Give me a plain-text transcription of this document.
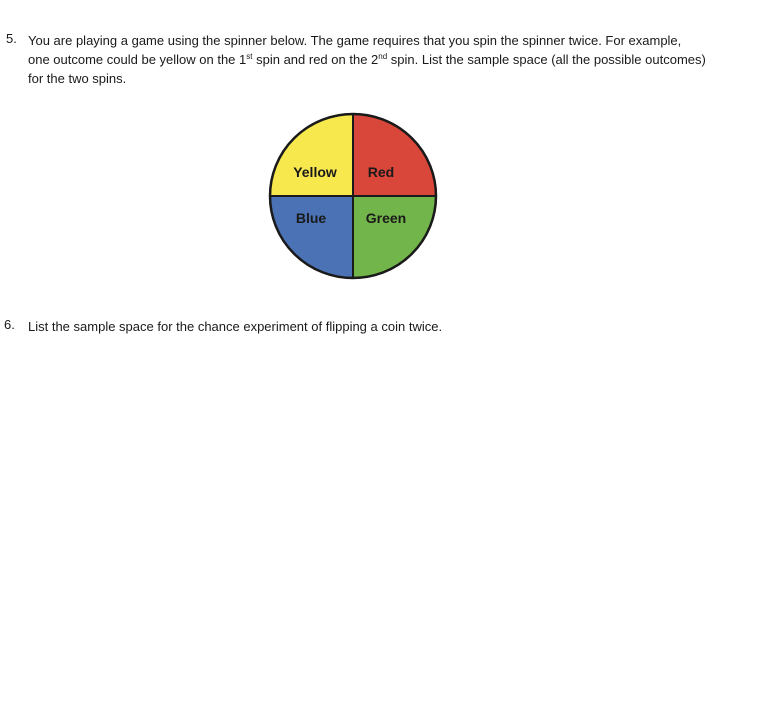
5. You are playing a game using the spinner below. The game requires that you spin the spinner twice. For example, one outcome could be yellow on the 1st spin and red on the 2nd spin. List the sample space (all the possible outcomes) for the two spins.
Yellow Red
Blue	Green
6. List the sample space for the chance experiment of flipping a coin twice.
